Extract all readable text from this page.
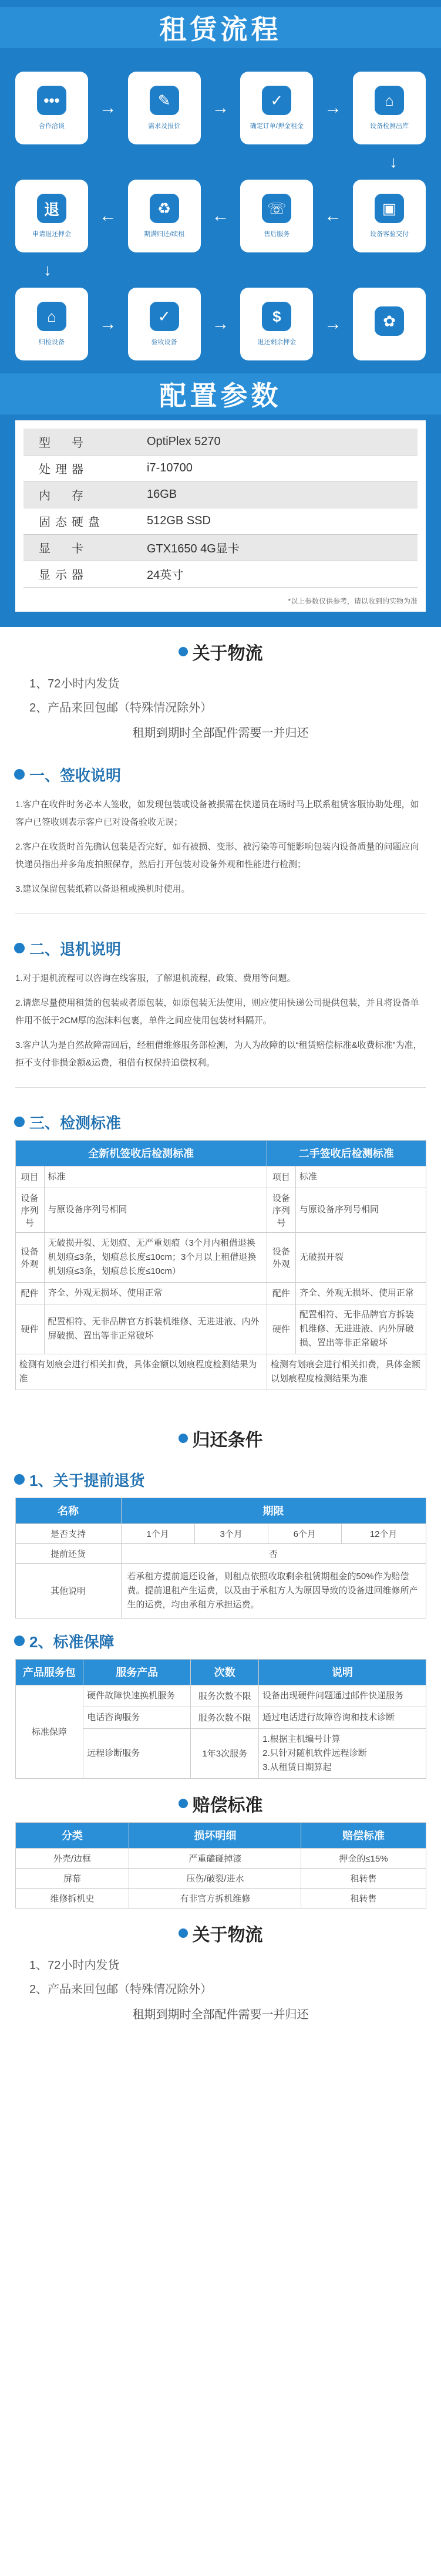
租赁流程
•••
合作洽谈
→	✎
需求及报价
→	✓
确定订单/押金租金
→	⌂
设备检测出库
↓
退
申请退还押金
←	♻
期满归还/续租
←	☏
售后服务
←	▣
设备客验交付
↓
⌂
归检设备
→	✓
验收设备
→	$
退还剩余押金
→	✿
配置参数
型　号	OptiPlex 5270
处理器	i7-10700
内　存	16GB
固态硬盘	512GB SSD
显　卡	GTX1650 4G显卡
显示器	24英寸
*以上参数仅供参考，请以收到的实物为准
关于物流
1、72小时内发货
2、产品来回包邮（特殊情况除外）
租期到期时全部配件需要一并归还
一、签收说明
1.客户在收件时务必本人签收，如发现包装或设备被损需在快递员在场时马上联系租赁客服协助处理，如客户已签收则表示客户已对设备验收无误；
2.客户在收货时首先确认包装是否完好，如有被损、变形、被污染等可能影响包装内设备质量的问题应向快递员指出并多角度拍照保存，然后打开包装对设备外观和性能进行检测；
3.建议保留包装纸箱以备退租或换机时使用。
二、退机说明
1.对于退机流程可以咨询在线客服，了解退机流程、政策、费用等问题。
2.请您尽量使用租赁的包装或者原包装，如原包装无法使用，则应使用快递公司提供包装，并且将设备单件用不低于2CM厚的泡沫料包裹，单件之间应使用包装材料隔开。
3.客户认为是自然故障需回后，经租借维修服务部检测，为人为故障的以“租赁赔偿标准&收费标准”为准，拒不支付非损金额&运费，租借有权保持追偿权利。
三、检测标准
全新机签收后检测标准		二手签收后检测标准	
项目	标准	项目	标准
设备序列号	与原设备序列号相同	设备序列号	与原设备序列号相同
设备外观	无破损开裂、无划痕、无严重划痕（3个月内租借退换机划痕≤3条，划痕总长度≤10cm；3个月以上租借退换机划痕≤3条，划痕总长度≤10cm）	设备外观	无破损开裂
配件	齐全、外观无损坏、使用正常	配件	齐全、外观无损坏、使用正常
硬件	配置相符、无非品牌官方拆装机维修、无进进液、内外屏破损、置出等非正常破坏	硬件	配置相符、无非品牌官方拆装机维修、无进进液、内外屏破损、置出等非正常破坏
检测有划痕会进行相关扣费，具体金额以划痕程度检测结果为准		检测有划痕会进行相关扣费，具体金额以划痕程度检测结果为准	
归还条件
1、关于提前退货
名称	期限			
是否支持	1个月	3个月	6个月	12个月
提前还货	否			
其他说明	若承租方提前退还设备，则租点依照收取剩余租赁期租金的50%作为赔偿费。提前退租产生运费，以及由于承租方人为原因导致的设备进回维修所产生的运费，均由承租方承担运费。			
2、标准保障
产品服务包	服务产品	次数	说明
标准保障	硬件故障快速换机服务	服务次数不限	设备出现硬件问题通过邮件快递服务
	电话咨询服务	服务次数不限	通过电话进行故障咨询和技术诊断
	远程诊断服务	1年3次服务	1.根据主机编号计算
2.只针对随机软件远程诊断
3.从租赁日期算起
赔偿标准
分类	损坏明细	赔偿标准
外壳/边框	严重磕碰掉漆	押金的≤15%
屏幕	压伤/破裂/进水	租转售
维修拆机史	有非官方拆机维修	租转售
关于物流
1、72小时内发货
2、产品来回包邮（特殊情况除外）
租期到期时全部配件需要一并归还
